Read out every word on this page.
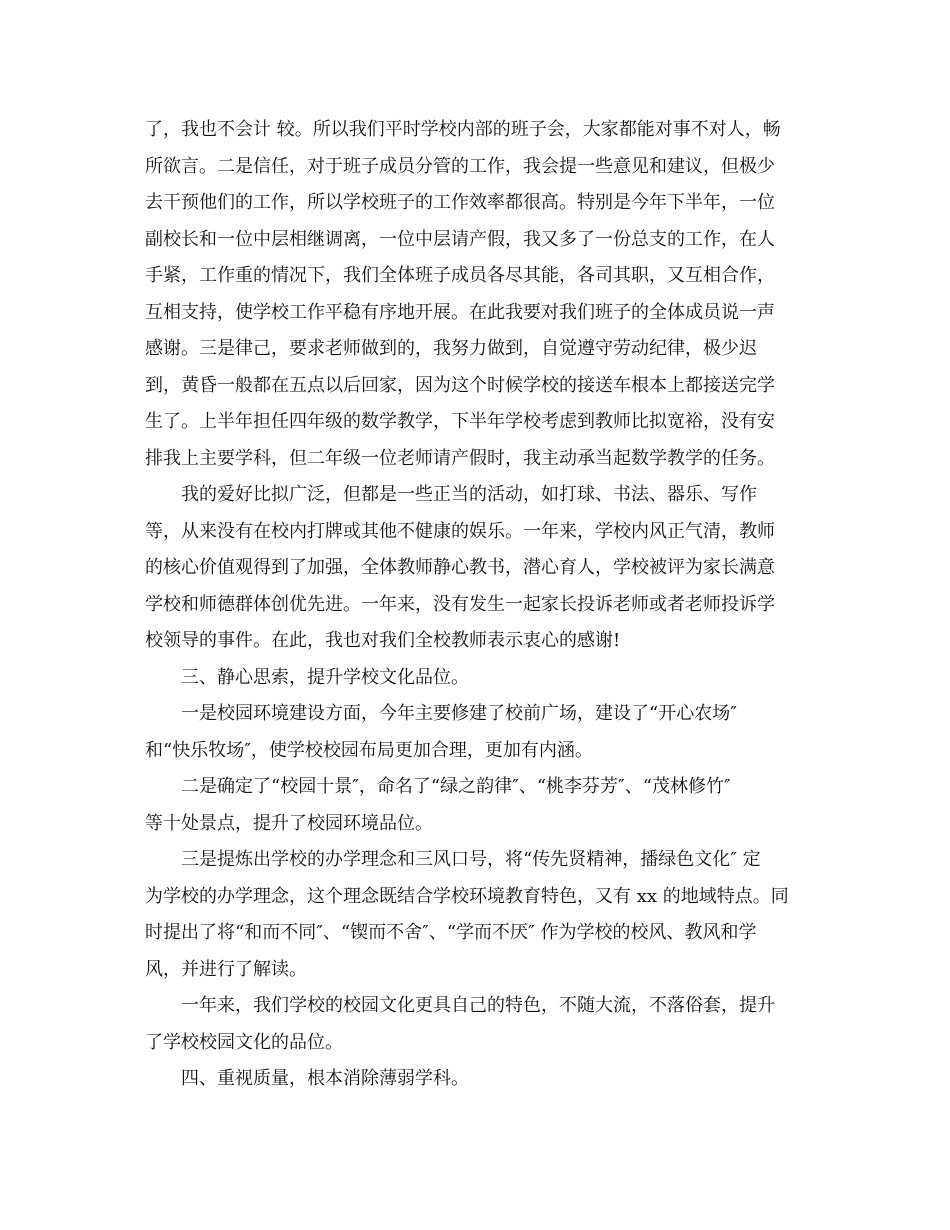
了，我也不会计 较。所以我们平时学校内部的班子会，大家都能对事不对人，畅
所欲言。二是信任，对于班子成员分管的工作，我会提一些意见和建议，但极少
去干预他们的工作，所以学校班子的工作效率都很高。特别是今年下半年，一位
副校长和一位中层相继调离，一位中层请产假，我又多了一份总支的工作，在人
手紧，工作重的情况下，我们全体班子成员各尽其能，各司其职，又互相合作，
互相支持，使学校工作平稳有序地开展。在此我要对我们班子的全体成员说一声
感谢。三是律己，要求老师做到的，我努力做到，自觉遵守劳动纪律，极少迟
到，黄昏一般都在五点以后回家，因为这个时候学校的接送车根本上都接送完学
生了。上半年担任四年级的数学教学，下半年学校考虑到教师比拟宽裕，没有安
排我上主要学科，但二年级一位老师请产假时，我主动承当起数学教学的任务。

我的爱好比拟广泛，但都是一些正当的活动，如打球、书法、器乐、写作
等，从来没有在校内打牌或其他不健康的娱乐。一年来，学校内风正气清，教师
的核心价值观得到了加强，全体教师静心教书，潜心育人，学校被评为家长满意
学校和师德群体创优先进。一年来，没有发生一起家长投诉老师或者老师投诉学
校领导的事件。在此，我也对我们全校教师表示衷心的感谢!

三、静心思索，提升学校文化品位。

一是校园环境建设方面，今年主要修建了校前广场，建设了“开心农场″
和“快乐牧场″，使学校校园布局更加合理，更加有内涵。

二是确定了“校园十景″，命名了“绿之韵律″、“桃李芬芳″、“茂林修竹″
等十处景点，提升了校园环境品位。

三是提炼出学校的办学理念和三风口号，将“传先贤精神，播绿色文化″ 定
为学校的办学理念，这个理念既结合学校环境教育特色，又有 xx 的地域特点。同
时提出了将“和而不同″、“锲而不舍″、“学而不厌″ 作为学校的校风、教风和学
风，并进行了解读。

一年来，我们学校的校园文化更具自己的特色，不随大流，不落俗套，提升
了学校校园文化的品位。

四、重视质量，根本消除薄弱学科。
